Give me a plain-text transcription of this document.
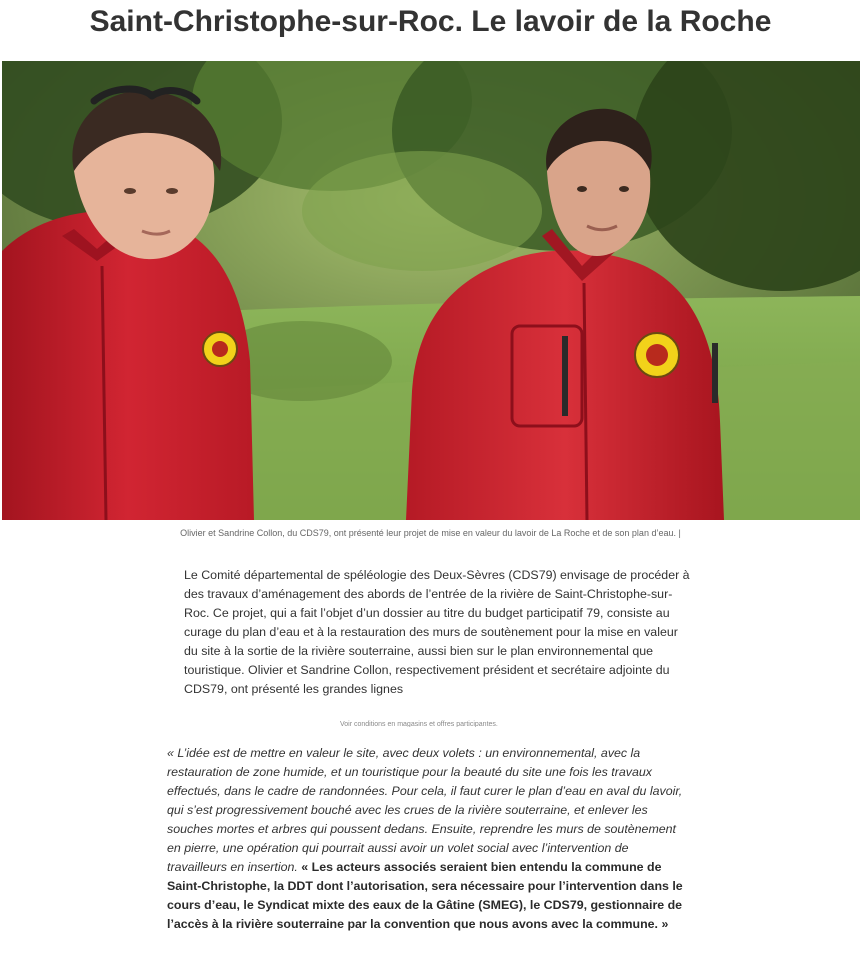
Saint-Christophe-sur-Roc. Le lavoir de la Roche
Olivier et Sandrine Collon, du CDS79, ont présenté leur projet de mise en valeur du lavoir de La Roche et de son plan d’eau. |

Le Comité départemental de spéléologie des Deux-Sèvres (CDS79) envisage de procéder à des travaux d’aménagement des abords de l’entrée de la rivière de Saint-Christophe-sur-Roc. Ce projet, qui a fait l’objet d’un dossier au titre du budget participatif 79, consiste au curage du plan d’eau et à la restauration des murs de soutènement pour la mise en valeur du site à la sortie de la rivière souterraine, aussi bien sur le plan environnemental que touristique. Olivier et Sandrine Collon, respectivement président et secrétaire adjointe du CDS79, ont présenté les grandes lignes

Voir conditions en magasins et offres participantes.

« L’idée est de mettre en valeur le site, avec deux volets : un environnemental, avec la restauration de zone humide, et un touristique pour la beauté du site une fois les travaux effectués, dans le cadre de randonnées. Pour cela, il faut curer le plan d’eau en aval du lavoir, qui s’est progressivement bouché avec les crues de la rivière souterraine, et enlever les souches mortes et arbres qui poussent dedans. Ensuite, reprendre les murs de soutènement en pierre, une opération qui pourrait aussi avoir un volet social avec l’intervention de travailleurs en insertion. « Les acteurs associés seraient bien entendu la commune de Saint-Christophe, la DDT dont l’autorisation, sera nécessaire pour l’intervention dans le cours d’eau, le Syndicat mixte des eaux de la Gâtine (SMEG), le CDS79, gestionnaire de l’accès à la rivière souterraine par la convention que nous avons avec la commune. »
